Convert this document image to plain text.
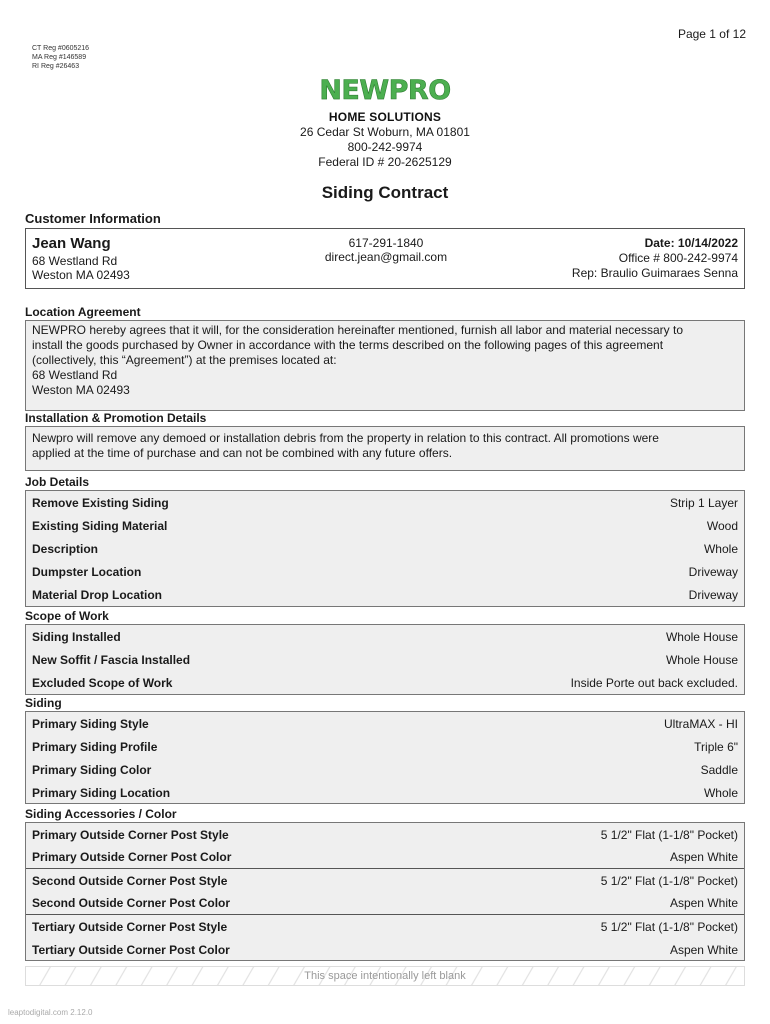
Page 1 of 12
CT Reg #0605216
MA Reg #146589
RI Reg #26463
NEWPRO
HOME SOLUTIONS
26 Cedar St Woburn, MA 01801
800-242-9974
Federal ID # 20-2625129
Siding Contract
Customer Information
617-291-1840
direct.jean@gmail.com
Jean Wang
68 Westland Rd
Weston MA 02493
Date: 10/14/2022
Office # 800-242-9974
Rep: Braulio Guimaraes Senna
Location Agreement
NEWPRO hereby agrees that it will, for the consideration hereinafter mentioned, furnish all labor and material necessary to
install the goods purchased by Owner in accordance with the terms described on the following pages of this agreement
(collectively, this “Agreement”) at the premises located at:
68 Westland Rd
Weston MA 02493
Installation & Promotion Details
Newpro will remove any demoed or installation debris from the property in relation to this contract. All promotions were
applied at the time of purchase and can not be combined with any future offers.
Job Details
Remove Existing Siding	Strip 1 Layer
Existing Siding Material	Wood
Description	Whole
Dumpster Location	Driveway
Material Drop Location	Driveway
Scope of Work
Siding Installed	Whole House
New Soffit / Fascia Installed	Whole House
Excluded Scope of Work	Inside Porte out back excluded.
Siding
Primary Siding Style	UltraMAX - HI
Primary Siding Profile	Triple 6"
Primary Siding Color	Saddle
Primary Siding Location	Whole
Siding Accessories / Color
Primary Outside Corner Post Style	5 1/2" Flat (1-1/8" Pocket)
Primary Outside Corner Post Color	Aspen White
Second Outside Corner Post Style	5 1/2" Flat (1-1/8" Pocket)
Second Outside Corner Post Color	Aspen White
Tertiary Outside Corner Post Style	5 1/2" Flat (1-1/8" Pocket)
Tertiary Outside Corner Post Color	Aspen White
This space intentionally left blank
leaptodigital.com 2.12.0
